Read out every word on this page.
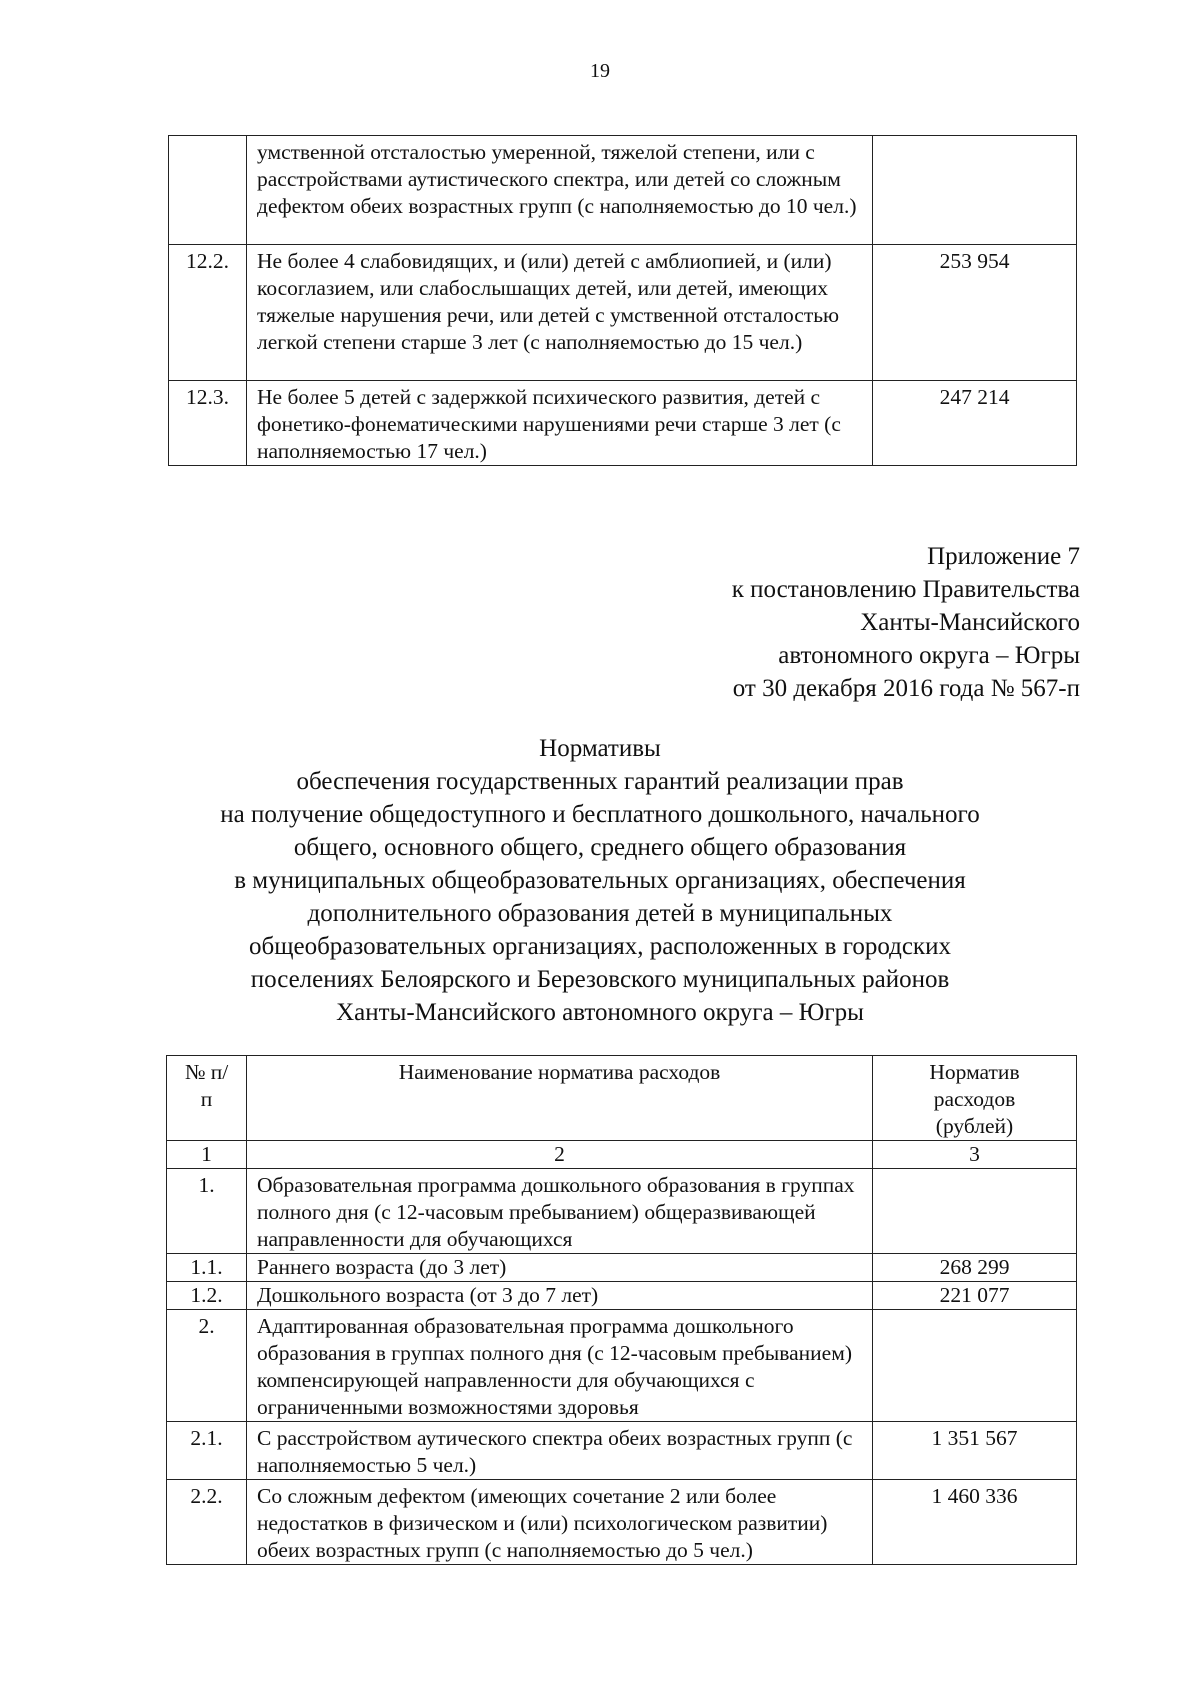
19
	умственной отсталостью умеренной, тяжелой степени, или с расстройствами аутистического спектра, или детей со сложным дефектом обеих возрастных групп (с наполняемостью до 10 чел.)	
12.2.	Не более 4 слабовидящих, и (или) детей с амблиопией, и (или) косоглазием, или слабослышащих детей, или детей, имеющих тяжелые нарушения речи, или детей с умственной отсталостью легкой степени старше 3 лет (с наполняемостью до 15 чел.)	253 954
12.3.	Не более 5 детей с задержкой психического развития, детей с фонетико-фонематическими нарушениями речи старше 3 лет (с наполняемостью 17 чел.)	247 214
Приложение 7
к постановлению Правительства
Ханты-Мансийского
автономного округа – Югры
от 30 декабря 2016 года № 567-п
Нормативы
обеспечения государственных гарантий реализации прав
на получение общедоступного и бесплатного дошкольного, начального
общего, основного общего, среднего общего образования
в муниципальных общеобразовательных организациях, обеспечения
дополнительного образования детей в муниципальных
общеобразовательных организациях, расположенных в городских
поселениях Белоярского и Березовского муниципальных районов
Ханты-Мансийского автономного округа – Югры
№ п/п	Наименование норматива расходов	Норматив расходов (рублей)
1	2	3
1.	Образовательная программа дошкольного образования в группах полного дня (с 12-часовым пребыванием) общеразвивающей направленности для обучающихся	
1.1.	Раннего возраста (до 3 лет)	268 299
1.2.	Дошкольного возраста (от 3 до 7 лет)	221 077
2.	Адаптированная образовательная программа дошкольного образования в группах полного дня (с 12-часовым пребыванием) компенсирующей направленности для обучающихся с ограниченными возможностями здоровья	
2.1.	С расстройством аутического спектра обеих возрастных групп (с наполняемостью 5 чел.)	1 351 567
2.2.	Со сложным дефектом (имеющих сочетание 2 или более недостатков в физическом и (или) психологическом развитии) обеих возрастных групп (с наполняемостью до 5 чел.)	1 460 336
